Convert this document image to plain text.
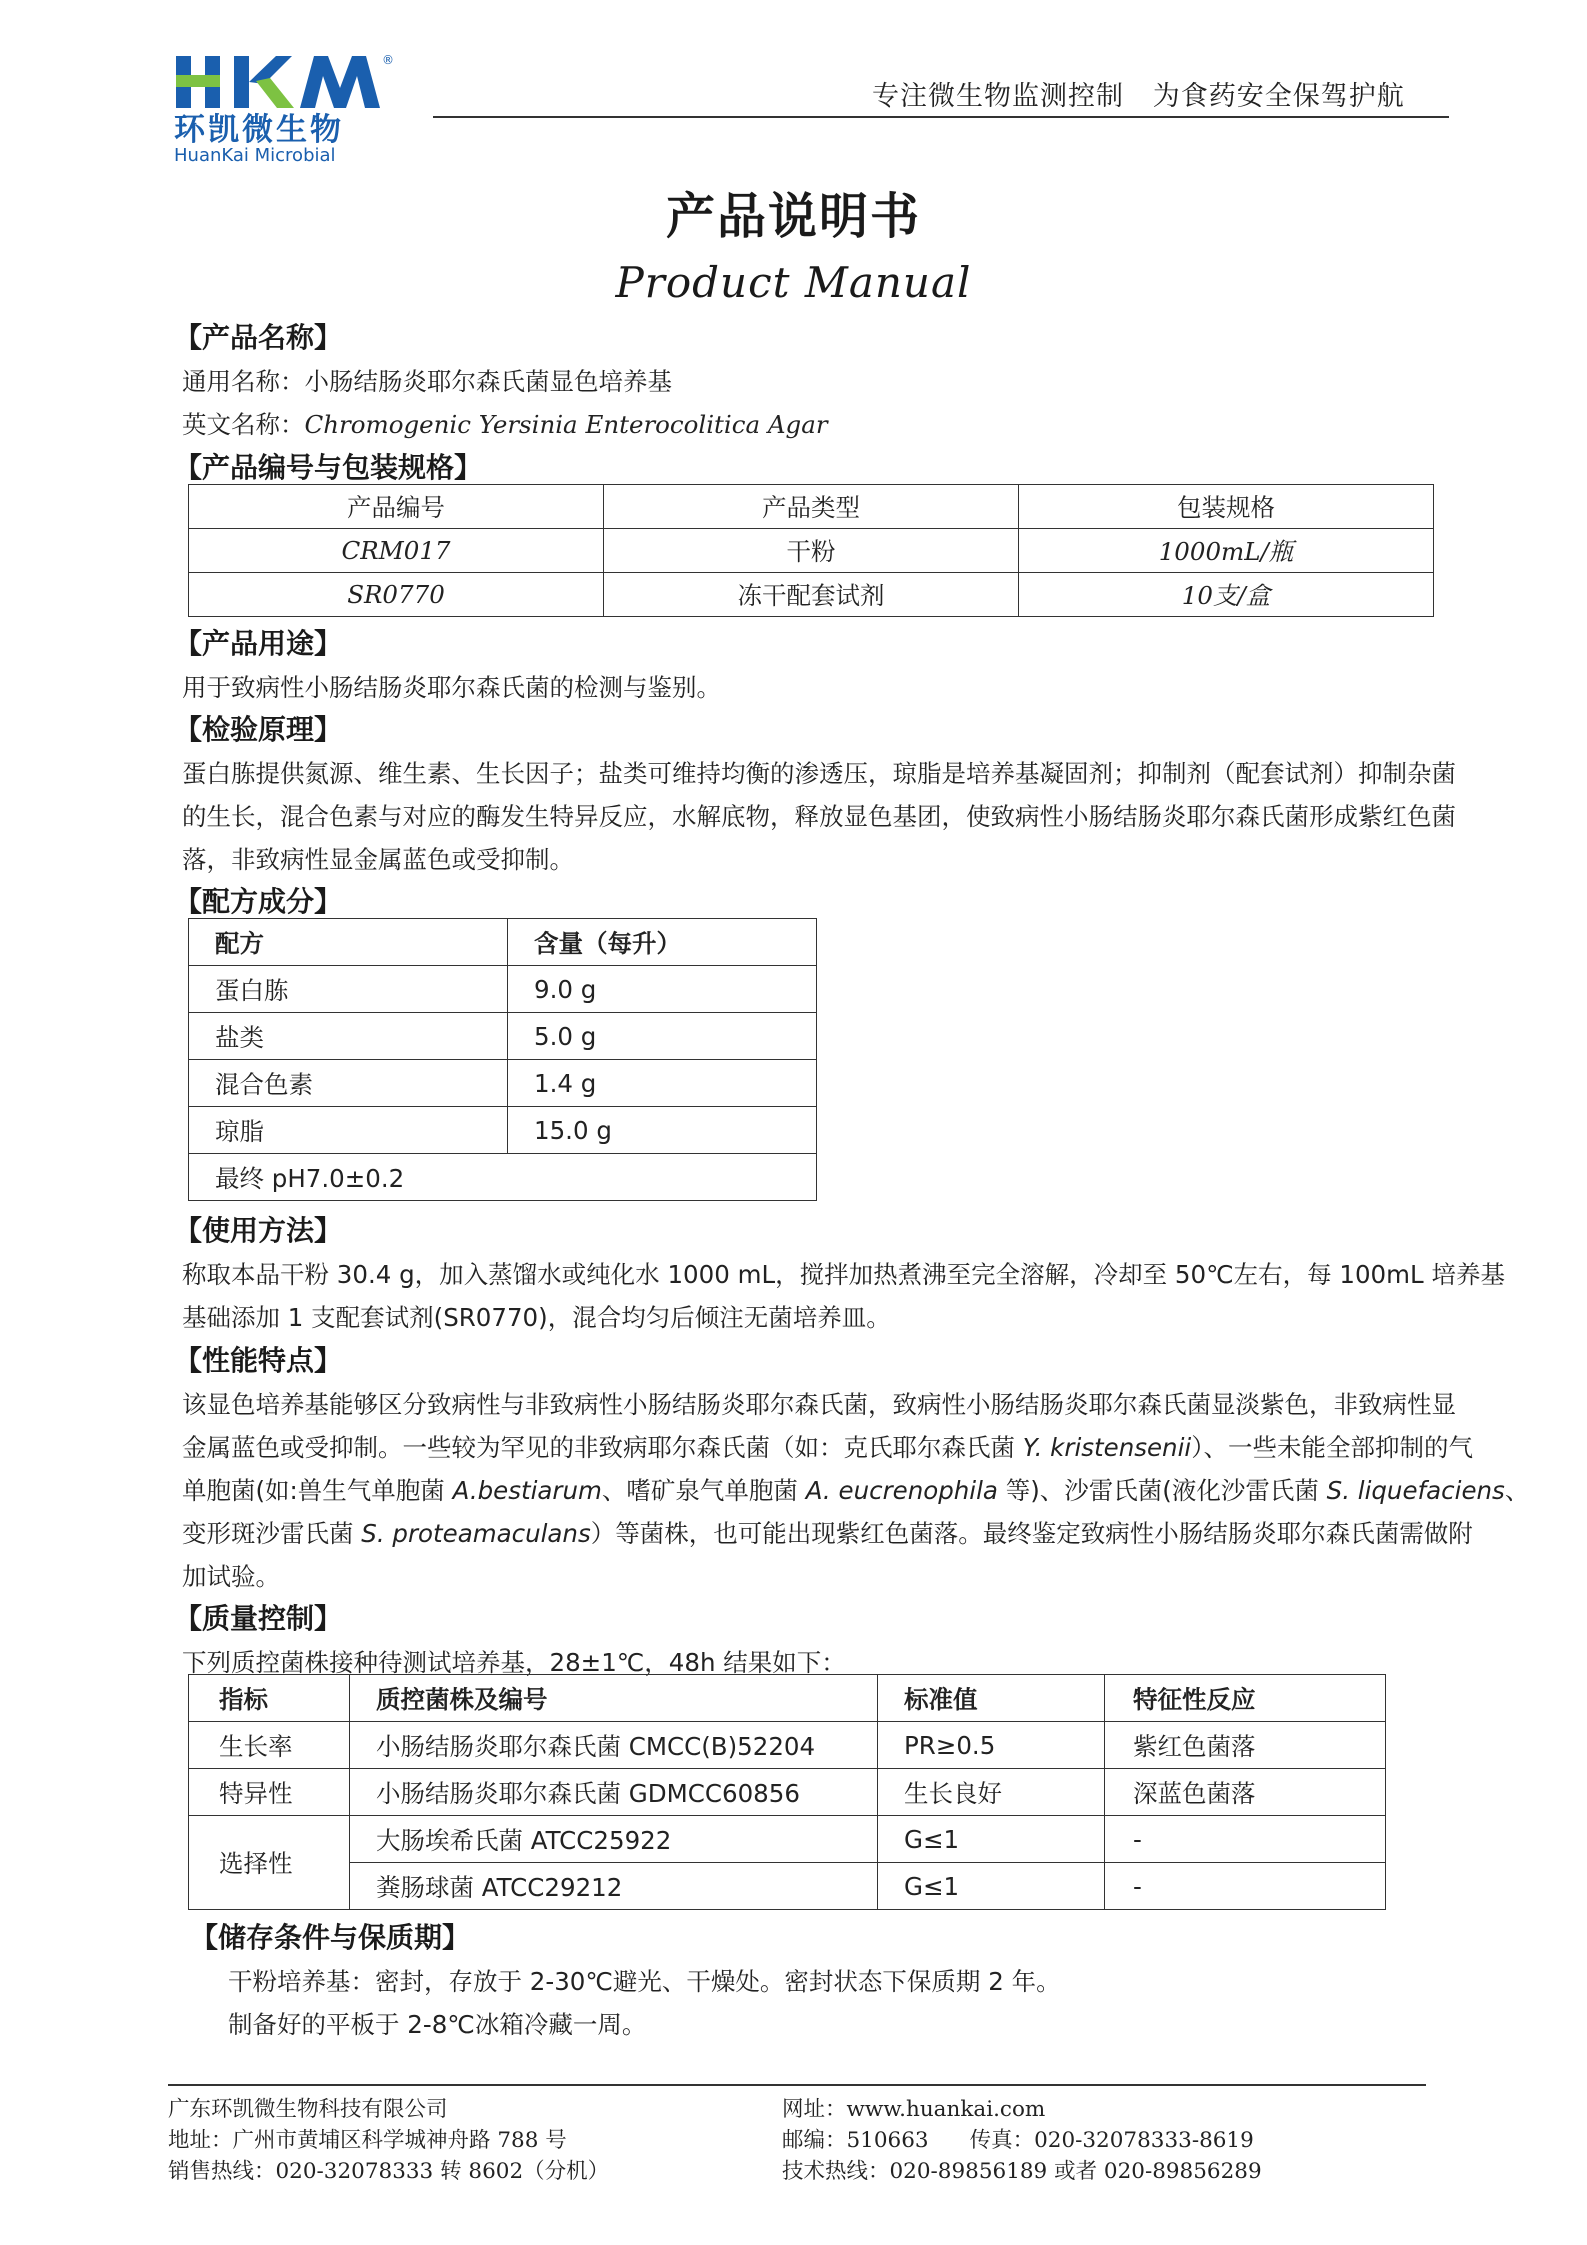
®
环凯微生物
HuanKai Microbial
HKM
专注微生物监测控制   为食药安全保驾护航
产品说明书
Product Manual
【产品名称】
通用名称：小肠结肠炎耶尔森氏菌显色培养基
英文名称：Chromogenic Yersinia Enterocolitica Agar
【产品编号与包装规格】
产品编号	产品类型	包装规格
CRM017	干粉	1000mL/瓶
SR0770	冻干配套试剂	10支/盒
【产品用途】
用于致病性小肠结肠炎耶尔森氏菌的检测与鉴别。
【检验原理】
蛋白胨提供氮源、维生素、生长因子；盐类可维持均衡的渗透压，琼脂是培养基凝固剂；抑制剂（配套试剂）抑制杂菌
的生长，混合色素与对应的酶发生特异反应，水解底物，释放显色基团，使致病性小肠结肠炎耶尔森氏菌形成紫红色菌
落，非致病性显金属蓝色或受抑制。
【配方成分】
配方	含量（每升）
蛋白胨	9.0 g
盐类	5.0 g
混合色素	1.4 g
琼脂	15.0 g
最终 pH7.0±0.2	
【使用方法】
称取本品干粉 30.4 g，加入蒸馏水或纯化水 1000 mL，搅拌加热煮沸至完全溶解，冷却至 50℃左右，每 100mL 培养基
基础添加 1 支配套试剂(SR0770)，混合均匀后倾注无菌培养皿。
【性能特点】
该显色培养基能够区分致病性与非致病性小肠结肠炎耶尔森氏菌，致病性小肠结肠炎耶尔森氏菌显淡紫色，非致病性显
金属蓝色或受抑制。一些较为罕见的非致病耶尔森氏菌（如：克氏耶尔森氏菌 Y. kristensenii）、一些未能全部抑制的气
单胞菌(如:兽生气单胞菌 A.bestiarum、嗜矿泉气单胞菌 A. eucrenophila 等)、沙雷氏菌(液化沙雷氏菌 S. liquefaciens、
变形斑沙雷氏菌 S. proteamaculans）等菌株，也可能出现紫红色菌落。最终鉴定致病性小肠结肠炎耶尔森氏菌需做附
加试验。
【质量控制】
下列质控菌株接种待测试培养基，28±1℃，48h 结果如下：
指标	质控菌株及编号	标准值	特征性反应
生长率	小肠结肠炎耶尔森氏菌 CMCC(B)52204	PR≥0.5	紫红色菌落
特异性	小肠结肠炎耶尔森氏菌 GDMCC60856	生长良好	深蓝色菌落
选择性	大肠埃希氏菌 ATCC25922	G≤1	-
	粪肠球菌 ATCC29212	G≤1	-
【储存条件与保质期】
干粉培养基：密封，存放于 2-30℃避光、干燥处。密封状态下保质期 2 年。
制备好的平板于 2-8℃冰箱冷藏一周。
广东环凯微生物科技有限公司
地址：广州市黄埔区科学城神舟路 788 号
销售热线：020-32078333 转 8602（分机）
网址：www.huankai.com
邮编：510663      传真：020-32078333-8619
技术热线：020-89856189 或者 020-89856289
